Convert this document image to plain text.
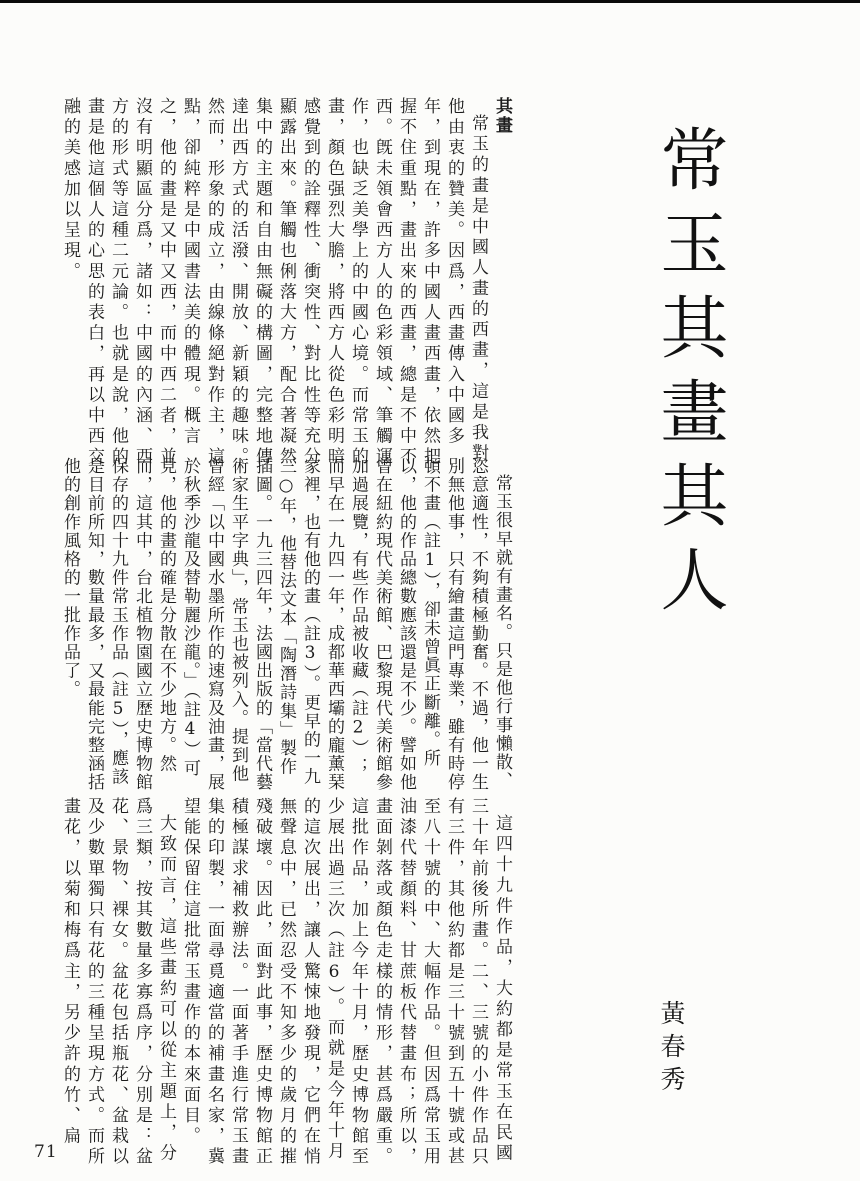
常玉其畫其人

其畫

常玉的畫是中國人畫的西畫，這是我對他由衷的贊美。因爲，西畫傳入中國多年，到現在，許多中國人畫西畫，依然把握不住重點，畫出來的西畫，總是不中不西。旣未領會西方人的色彩領域、筆觸運作，也缺乏美學上的中國心境。而常玉的畫，顏色强烈大膽，將西方人從色彩明暗感覺到的詮釋性、衝突性、對比性等充分顯露出來。筆觸也俐落大方，配合著凝然集中的主題和自由無礙的構圖，完整地傳達出西方式的活潑、開放、新穎的趣味。然而，形象的成立，由線條絕對作主，這點，卻純粹是中國書法美的體現。概言之，他的畫是又中又西，而中西二者，並沒有明顯區分爲，諸如：中國的內涵、西方的形式等這種二元論。也就是說，他的畫是他這個人的心思的表白，再以中西交融的美感加以呈現。

常玉很早就有畫名。只是他行事懶散、恣意適性，不夠積極勤奮。不過，他一生別無他事，只有繪畫這門專業，雖有時停頓不畫（註1），卻未曾眞正斷離。所以，他的作品總數應該還是不少。譬如他曾在紐約現代美術館、巴黎現代美術館參加過展覽，有些作品被收藏（註2）；而早在一九四一年，成都華西壩的龐薰琹家裡，也有他的畫（註3）。更早的一九三○年，他替法文本「陶潛詩集」製作插圖。一九三四年，法國出版的「當代藝術家生平字典」，常玉也被列入。提到他曾經「以中國水墨所作的速寫及油畫，展於秋季沙龍及替勒麗沙龍。」（註4）可見，他的畫的確是分散在不少地方。然而，這其中，台北植物園國立歷史博物館保存的四十九件常玉作品（註5），應該是目前所知，數量最多，又最能完整涵括他的創作風格的一批作品了。

這四十九件作品，大約都是常玉在民國三十年前後所畫。二、三號的小件作品只有三件，其他約都是三十號到五十號或甚至八十號的中、大幅作品。但因爲常玉用油漆代替顏料、甘蔗板代替畫布；所以，畫面剝落或顏色走樣的情形，甚爲嚴重。這批作品，加上今年十月，歷史博物館至少展出過三次（註6）。而就是今年十月的這次展出，讓人驚悚地發現，它們在悄無聲息中，已然忍受不知多少的歲月的摧殘破壞。因此，面對此事，歷史博物館正積極謀求補救辦法。一面著手進行常玉畫集的印製，一面尋覓適當的補畫名家，冀望能保留住這批常玉畫作的本來面目。

大致而言，這些畫約可以從主題上，分爲三類，按其數量多寡爲序，分別是：盆花、景物、裸女。盆花包括瓶花、盆栽以及少數單獨只有花的三種呈現方式。而所畫花，以菊和梅爲主，另少許的竹、扁	黃春秀
71
